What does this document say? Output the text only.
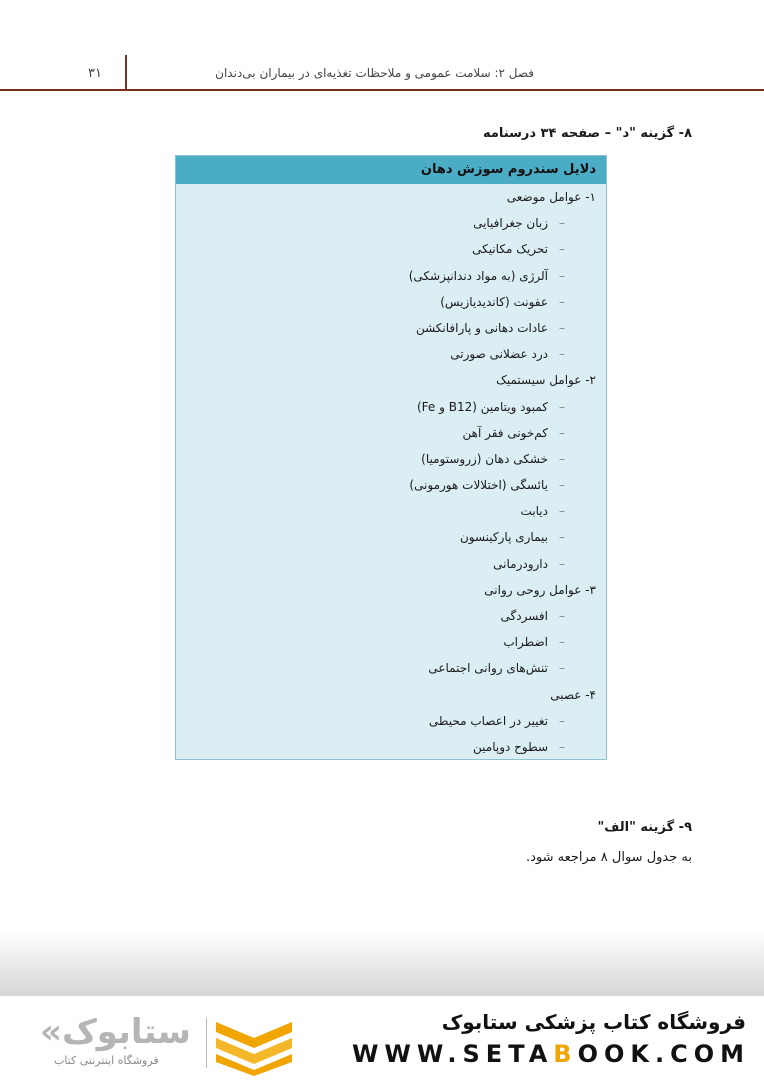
۳۱	فصل ۲: سلامت عمومی و ملاحظات تغذیه‌ای در بیماران بی‌دندان
۸- گزینه "د" – صفحه ۳۴ درسنامه
دلایل سندروم سوزش دهان
۱- عوامل موضعی
–زبان جغرافیایی
–تحریک مکانیکی
–آلرژی (به مواد دندانپزشکی)
–عفونت (کاندیدیازیس)
–عادات دهانی و پارافانکشن
–درد عضلانی صورتی
۲- عوامل سیستمیک
–کمبود ویتامین (B12 و Fe)
–کم‌خونی فقر آهن
–خشکی دهان (زروستومیا)
–یائسگی (اختلالات هورمونی)
–دیابت
–بیماری پارکینسون
–دارودرمانی
۳- عوامل روحی روانی
–افسردگی
–اضطراب
–تنش‌های روانی اجتماعی
۴- عصبی
–تغییر در اعصاب محیطی
–سطوح دوپامین
۹- گزینه "الف"
به جدول سوال ۸ مراجعه شود.
«ستابوک
فروشگاه اینترنتی کتاب
فروشگاه کتاب پزشکی ستابوک
WWW.SETABOOK.COM
